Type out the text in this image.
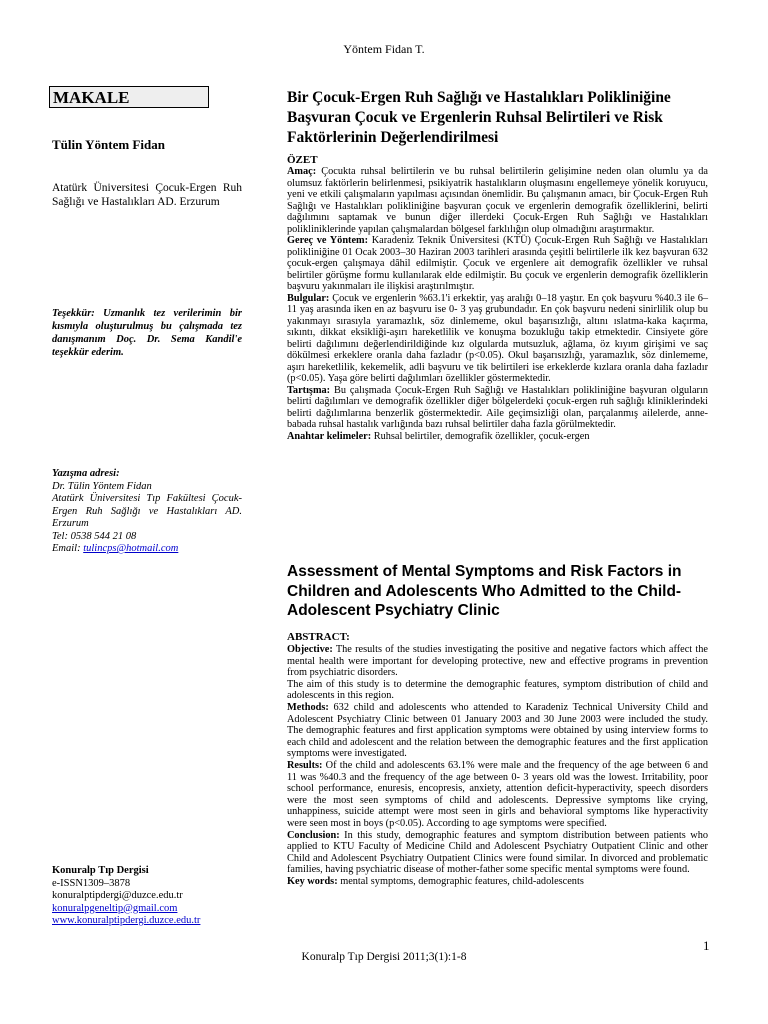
Yöntem Fidan T.
MAKALE
Tülin Yöntem Fidan
Atatürk Üniversitesi Çocuk-Ergen Ruh Sağlığı ve Hastalıkları AD. Erzurum
Teşekkür: Uzmanlık tez verilerimin bir kısmıyla oluşturulmuş bu çalışmada tez danışmanım Doç. Dr. Sema Kandil'e teşekkür ederim.
Yazışma adresi:
Dr. Tülin Yöntem Fidan
Atatürk Üniversitesi Tıp Fakültesi Çocuk-Ergen Ruh Sağlığı ve Hastalıkları AD. Erzurum
Tel: 0538 544 21 08
Email: tulincps@hotmail.com
Konuralp Tıp Dergisi
e-ISSN1309–3878
konuralptipdergi@duzce.edu.tr
konuralpgeneltip@gmail.com
www.konuralptipdergi.duzce.edu.tr
Bir Çocuk-Ergen Ruh Sağlığı ve Hastalıkları Polikliniğine Başvuran Çocuk ve Ergenlerin Ruhsal Belirtileri ve Risk Faktörlerinin Değerlendirilmesi
ÖZET

Amaç: Çocukta ruhsal belirtilerin ve bu ruhsal belirtilerin gelişimine neden olan olumlu ya da olumsuz faktörlerin belirlenmesi, psikiyatrik hastalıkların oluşmasını engellemeye yönelik koruyucu, yeni ve etkili çalışmaların yapılması açısından önemlidir. Bu çalışmanın amacı, bir Çocuk-Ergen Ruh Sağlığı ve Hastalıkları polikliniğine başvuran çocuk ve ergenlerin demografik özelliklerini, belirti dağılımını saptamak ve bunun diğer illerdeki Çocuk-Ergen Ruh Sağlığı ve Hastalıkları polikliniklerinde yapılan çalışmalardan bölgesel farklılığın olup olmadığını araştırmaktır.

Gereç ve Yöntem: Karadeniz Teknik Üniversitesi (KTÜ) Çocuk-Ergen Ruh Sağlığı ve Hastalıkları polikliniğine 01 Ocak 2003–30 Haziran 2003 tarihleri arasında çeşitli belirtilerle ilk kez başvuran 632 çocuk-ergen çalışmaya dâhil edilmiştir. Çocuk ve ergenlere ait demografik özellikler ve ruhsal belirtiler görüşme formu kullanılarak elde edilmiştir. Bu çocuk ve ergenlerin demografik özelliklerin başvuru yakınmaları ile ilişkisi araştırılmıştır.

Bulgular: Çocuk ve ergenlerin %63.1'i erkektir, yaş aralığı 0–18 yaştır. En çok başvuru %40.3 ile 6–11 yaş arasında iken en az başvuru ise 0- 3 yaş grubundadır. En çok başvuru nedeni sinirlilik olup bu yakınmayı sırasıyla yaramazlık, söz dinlememe, okul başarısızlığı, altını ıslatma-kaka kaçırma, sıkıntı, dikkat eksikliği-aşırı hareketlilik ve konuşma bozukluğu takip etmektedir. Cinsiyete göre belirti dağılımını değerlendirildiğinde kız olgularda mutsuzluk, ağlama, öz kıyım girişimi ve saç dökülmesi erkeklere oranla daha fazladır (p<0.05). Okul başarısızlığı, yaramazlık, söz dinlememe, aşırı hareketlilik, kekemelik, adli başvuru ve tik belirtileri ise erkeklerde kızlara oranla daha fazladır (p<0.05). Yaşa göre belirti dağılımları özellikler göstermektedir.

Tartışma: Bu çalışmada Çocuk-Ergen Ruh Sağlığı ve Hastalıkları polikliniğine başvuran olguların belirti dağılımları ve demografik özellikler diğer bölgelerdeki çocuk-ergen ruh sağlığı kliniklerindeki belirti dağılımlarına benzerlik göstermektedir. Aile geçimsizliği olan, parçalanmış ailelerde, anne-babada ruhsal hastalık varlığında bazı ruhsal belirtiler daha fazla görülmektedir.

Anahtar kelimeler: Ruhsal belirtiler, demografik özellikler, çocuk-ergen

Assessment of Mental Symptoms and Risk Factors in Children and Adolescents Who Admitted to the Child-Adolescent Psychiatry Clinic
ABSTRACT:

Objective: The results of the studies investigating the positive and negative factors which affect the mental health were important for developing protective, new and effective programs in prevention from psychiatric disorders.

The aim of this study is to determine the demographic features, symptom distribution of child and adolescents in this region.

Methods: 632 child and adolescents who attended to Karadeniz Technical University Child and Adolescent Psychiatry Clinic between 01 January 2003 and 30 June 2003 were included the study. The demographic features and first application symptoms were obtained by using interview forms to each child and adolescent and the relation between the demographic features and the first application symptoms were investigated.

Results: Of the child and adolescents 63.1% were male and the frequency of the age between 6 and 11 was %40.3 and the frequency of the age between 0- 3 years old was the lowest. Irritability, poor school performance, enuresis, encopresis, anxiety, attention deficit-hyperactivity, speech disorders were the most seen symptoms of child and adolescents. Depressive symptoms like crying, unhappiness, suicide attempt were most seen in girls and behavioral symptoms like hyperactivity were seen most in boys (p<0.05). According to age symptoms were specified.

Conclusion: In this study, demographic features and symptom distribution between patients who applied to KTU Faculty of Medicine Child and Adolescent Psychiatry Outpatient Clinic and other Child and Adolescent Psychiatry Outpatient Clinics were found similar. In divorced and problematic families, having psychiatric disease of mother-father some specific mental symptoms were found.

Key words: mental symptoms, demographic features, child-adolescents

1
Konuralp Tıp Dergisi 2011;3(1):1-8
